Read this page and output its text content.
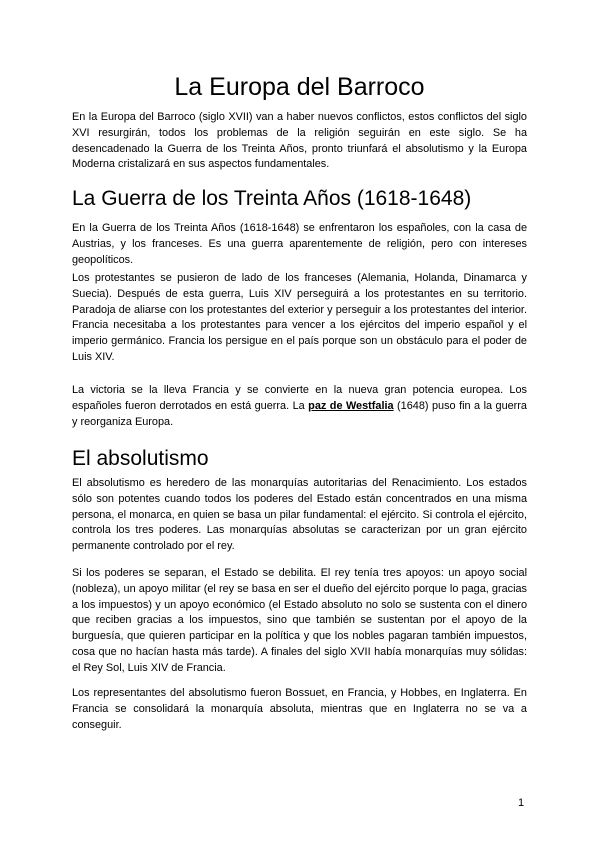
La Europa del Barroco

En la Europa del Barroco (siglo XVII) van a haber nuevos conflictos, estos conflictos del siglo XVI resurgirán, todos los problemas de la religión seguirán en este siglo. Se ha desencadenado la Guerra de los Treinta Años, pronto triunfará el absolutismo y la Europa Moderna cristalizará en sus aspectos fundamentales.

La Guerra de los Treinta Años (1618-1648)

En la Guerra de los Treinta Años (1618-1648) se enfrentaron los españoles, con la casa de Austrias, y los franceses. Es una guerra aparentemente de religión, pero con intereses geopolíticos.

Los protestantes se pusieron de lado de los franceses (Alemania, Holanda, Dinamarca y Suecia). Después de esta guerra, Luis XIV perseguirá a los protestantes en su territorio. Paradoja de aliarse con los protestantes del exterior y perseguir a los protestantes del interior. Francia necesitaba a los protestantes para vencer a los ejércitos del imperio español y el imperio germánico. Francia los persigue en el país porque son un obstáculo para el poder de Luis XIV.

La victoria se la lleva Francia y se convierte en la nueva gran potencia europea. Los españoles fueron derrotados en está guerra. La paz de Westfalia (1648) puso fin a la guerra y reorganiza Europa.

El absolutismo

El absolutismo es heredero de las monarquías autoritarias del Renacimiento. Los estados sólo son potentes cuando todos los poderes del Estado están concentrados en una misma persona, el monarca, en quien se basa un pilar fundamental: el ejército. Si controla el ejército, controla los tres poderes. Las monarquías absolutas se caracterizan por un gran ejército permanente controlado por el rey.

Si los poderes se separan, el Estado se debilita. El rey tenía tres apoyos: un apoyo social (nobleza), un apoyo militar (el rey se basa en ser el dueño del ejército porque lo paga, gracias a los impuestos) y un apoyo económico (el Estado absoluto no solo se sustenta con el dinero que reciben gracias a los impuestos, sino que también se sustentan por el apoyo de la burguesía, que quieren participar en la política y que los nobles pagaran también impuestos, cosa que no hacían hasta más tarde). A finales del siglo XVII había monarquías muy sólidas: el Rey Sol, Luis XIV de Francia.

Los representantes del absolutismo fueron Bossuet, en Francia, y Hobbes, en Inglaterra. En Francia se consolidará la monarquía absoluta, mientras que en Inglaterra no se va a conseguir.

1
